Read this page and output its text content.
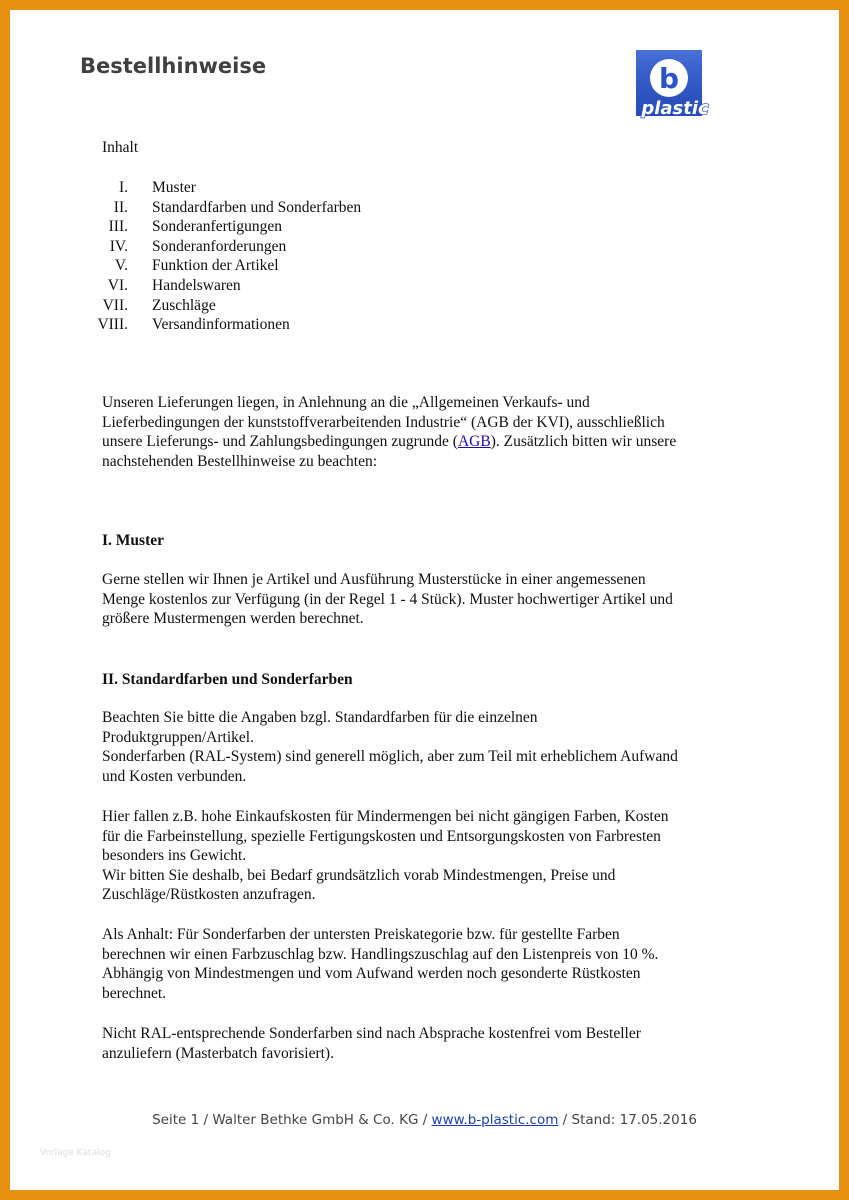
Bestellhinweise	b
plastic
Inhalt
I. Muster
II. Standardfarben und Sonderfarben
III. Sonderanfertigungen
IV. Sonderanforderungen
V. Funktion der Artikel
VI. Handelswaren
VII. Zuschläge
VIII. Versandinformationen
Unseren Lieferungen liegen, in Anlehnung an die „Allgemeinen Verkaufs- und
Lieferbedingungen der kunststoffverarbeitenden Industrie“ (AGB der KVI), ausschließlich
unsere Lieferungs- und Zahlungsbedingungen zugrunde (AGB). Zusätzlich bitten wir unsere
nachstehenden Bestellhinweise zu beachten:
I. Muster
Gerne stellen wir Ihnen je Artikel und Ausführung Musterstücke in einer angemessenen
Menge kostenlos zur Verfügung (in der Regel 1 - 4 Stück). Muster hochwertiger Artikel und
größere Mustermengen werden berechnet.
II. Standardfarben und Sonderfarben
Beachten Sie bitte die Angaben bzgl. Standardfarben für die einzelnen
Produktgruppen/Artikel.
Sonderfarben (RAL-System) sind generell möglich, aber zum Teil mit erheblichem Aufwand
und Kosten verbunden.
Hier fallen z.B. hohe Einkaufskosten für Mindermengen bei nicht gängigen Farben, Kosten
für die Farbeinstellung, spezielle Fertigungskosten und Entsorgungskosten von Farbresten
besonders ins Gewicht.
Wir bitten Sie deshalb, bei Bedarf grundsätzlich vorab Mindestmengen, Preise und
Zuschläge/Rüstkosten anzufragen.
Als Anhalt: Für Sonderfarben der untersten Preiskategorie bzw. für gestellte Farben
berechnen wir einen Farbzuschlag bzw. Handlingszuschlag auf den Listenpreis von 10 %.
Abhängig von Mindestmengen und vom Aufwand werden noch gesonderte Rüstkosten
berechnet.
Nicht RAL-entsprechende Sonderfarben sind nach Absprache kostenfrei vom Besteller
anzuliefern (Masterbatch favorisiert).
Seite 1 / Walter Bethke GmbH & Co. KG / www.b-plastic.com / Stand: 17.05.2016
Vorlage Katalog
